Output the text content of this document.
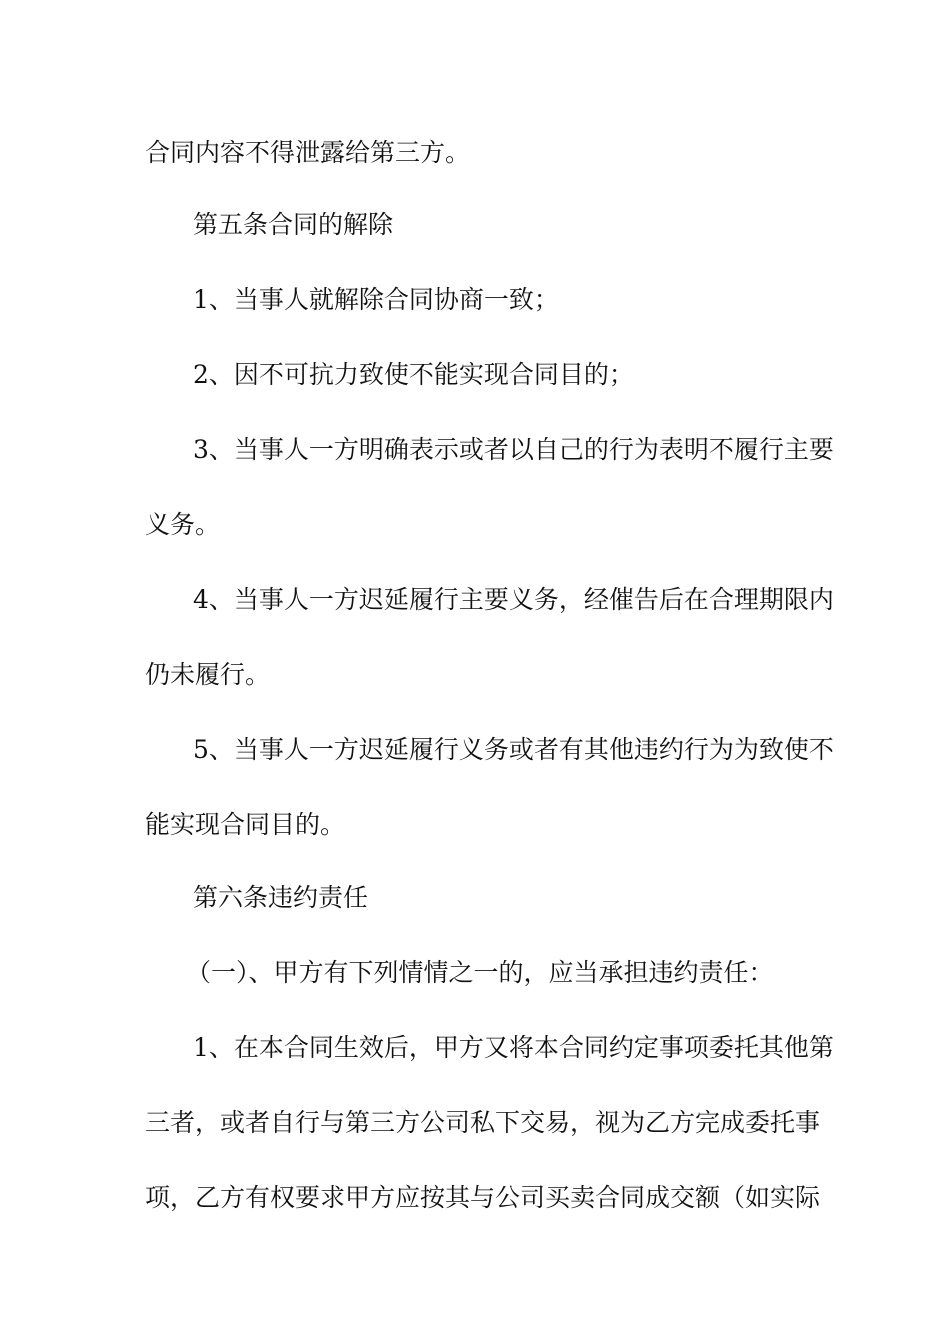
合同内容不得泄露给第三方。
第五条合同的解除
1、当事人就解除合同协商一致；
2、因不可抗力致使不能实现合同目的；
3、当事人一方明确表示或者以自己的行为表明不履行主要
义务。
4、当事人一方迟延履行主要义务，经催告后在合理期限内
仍未履行。
5、当事人一方迟延履行义务或者有其他违约行为为致使不
能实现合同目的。
第六条违约责任
（一）、甲方有下列情情之一的，应当承担违约责任：
1、在本合同生效后，甲方又将本合同约定事项委托其他第
三者，或者自行与第三方公司私下交易，视为乙方完成委托事
项，乙方有权要求甲方应按其与公司买卖合同成交额（如实际
